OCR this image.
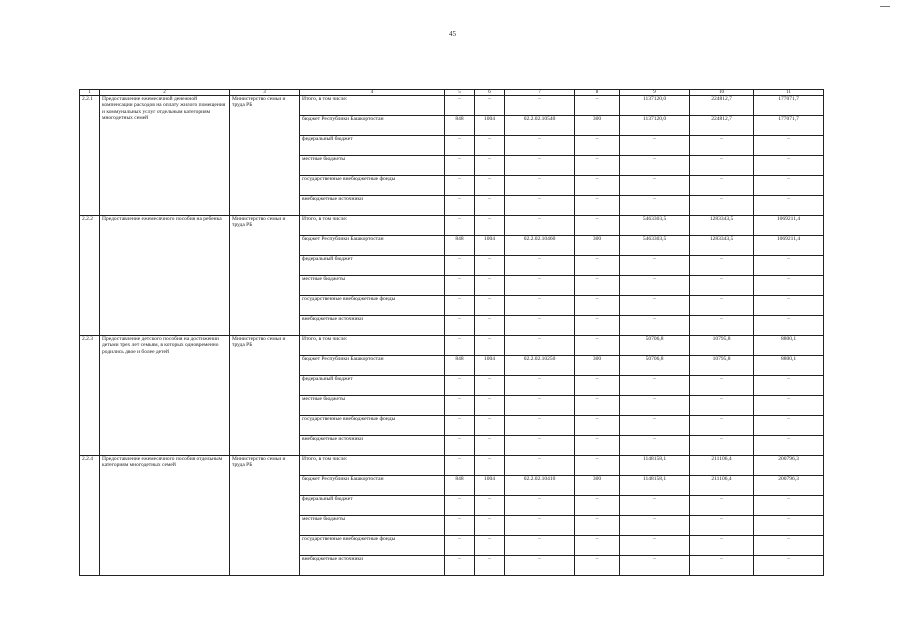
45
1	2	3	4	5	6	7	8	9	10	11
2.2.1	Предоставление ежемесячной денежной компенсации расходов на оплату жилого помещения и коммунальных услуг отдельным категориям многодетных семей	Министерство семьи и труда РБ	Итого, в том числе:	–	–	–	–	1137120,0	224812,7	177071,7
			бюджет Республики Башкортостан	848	1004	02.2.02.10540	300	1137120,0	224812,7	177071,7
			федеральный бюджет	–	–	–	–	–	–	–
			местные бюджеты	–	–	–	–	–	–	–
			государственные внебюджетные фонды	–	–	–	–	–	–	–
			внебюджетные источники	–	–	–	–	–	–	–
2.2.2	Предоставление ежемесячного пособия на ребенка	Министерство семьи и труда РБ	Итого, в том числе:	–	–	–	–	5463303,5	1283343,5	1069211,4
			бюджет Республики Башкортостан	848	1004	02.2.02.10460	300	5463303,5	1283343,5	1069211,4
			федеральный бюджет	–	–	–	–	–	–	–
			местные бюджеты	–	–	–	–	–	–	–
			государственные внебюджетные фонды	–	–	–	–	–	–	–
			внебюджетные источники	–	–	–	–	–	–	–
2.2.3	Предоставление детского пособия на достижении детьми трех лет семьям, в которых одновременно родились двое и более детей	Министерство семьи и труда РБ	Итого, в том числе:	–	–	–	–	50706,8	10795,8	8800,1
			бюджет Республики Башкортостан	848	1004	02.2.02.10250	300	50706,8	10795,8	8800,1
			федеральный бюджет	–	–	–	–	–	–	–
			местные бюджеты	–	–	–	–	–	–	–
			государственные внебюджетные фонды	–	–	–	–	–	–	–
			внебюджетные источники	–	–	–	–	–	–	–
2.2.4	Предоставление ежемесячного пособия отдельным категориям многодетных семей	Министерство семьи и труда РБ	Итого, в том числе:	–	–	–	–	1148158,1	211106,4	200796,3
			бюджет Республики Башкортостан	848	1004	02.2.02.10410	300	1148158,1	211106,4	200796,3
			федеральный бюджет	–	–	–	–	–	–	–
			местные бюджеты	–	–	–	–	–	–	–
			государственные внебюджетные фонды	–	–	–	–	–	–	–
			внебюджетные источники	–	–	–	–	–	–	–
